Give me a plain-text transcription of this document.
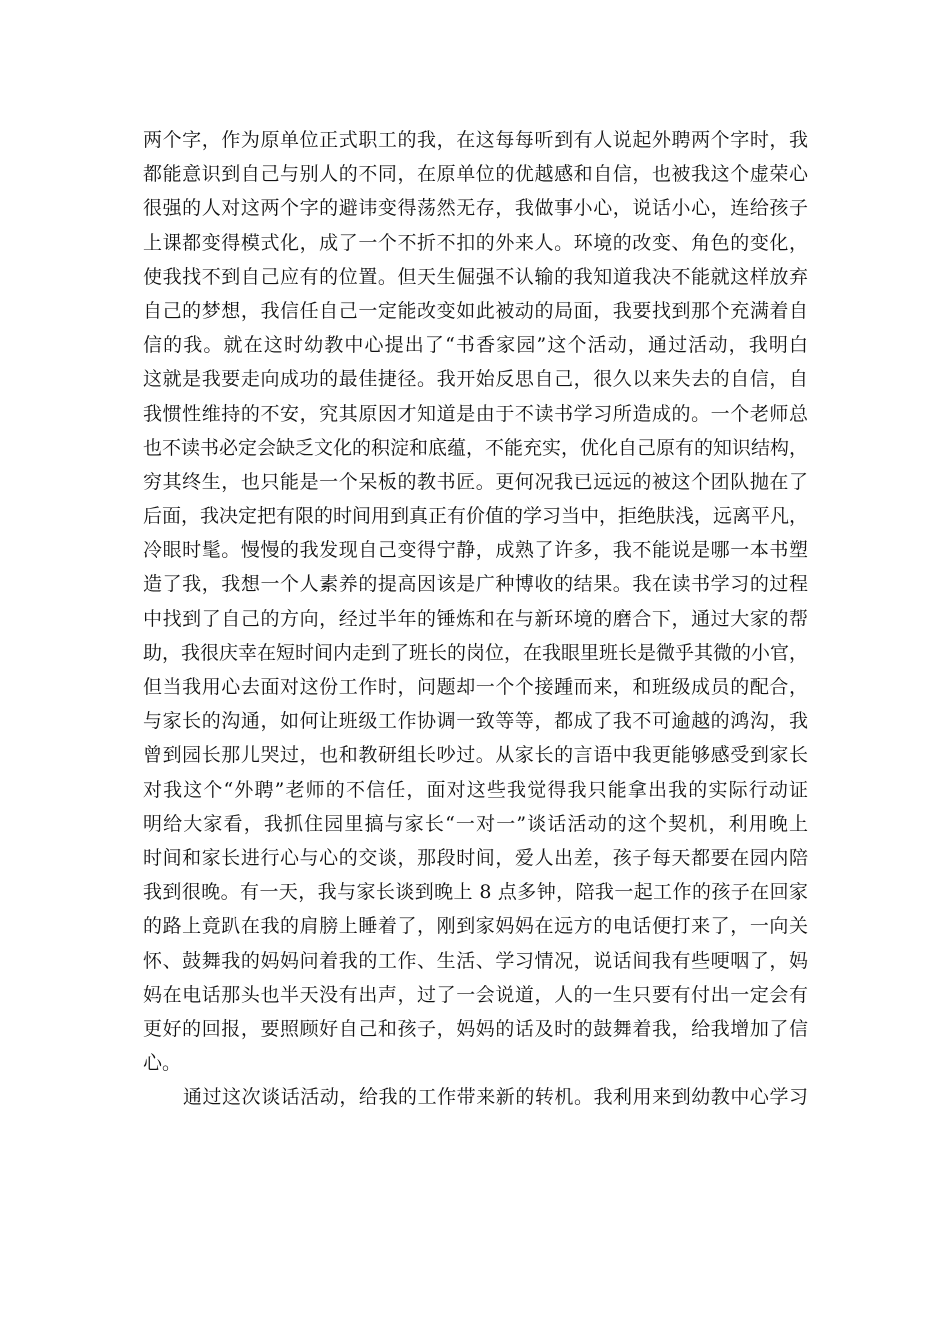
两个字，作为原单位正式职工的我，在这每每听到有人说起外聘两个字时，我
都能意识到自己与别人的不同，在原单位的优越感和自信，也被我这个虚荣心
很强的人对这两个字的避讳变得荡然无存，我做事小心，说话小心，连给孩子
上课都变得模式化，成了一个不折不扣的外来人。环境的改变、角色的变化，
使我找不到自己应有的位置。但天生倔强不认输的我知道我决不能就这样放弃
自己的梦想，我信任自己一定能改变如此被动的局面，我要找到那个充满着自
信的我。就在这时幼教中心提出了“书香家园”这个活动，通过活动，我明白
这就是我要走向成功的最佳捷径。我开始反思自己，很久以来失去的自信，自
我惯性维持的不安，究其原因才知道是由于不读书学习所造成的。一个老师总
也不读书必定会缺乏文化的积淀和底蕴，不能充实，优化自己原有的知识结构，
穷其终生，也只能是一个呆板的教书匠。更何况我已远远的被这个团队抛在了
后面，我决定把有限的时间用到真正有价值的学习当中，拒绝肤浅，远离平凡，
冷眼时髦。慢慢的我发现自己变得宁静，成熟了许多，我不能说是哪一本书塑
造了我，我想一个人素养的提高因该是广种博收的结果。我在读书学习的过程
中找到了自己的方向，经过半年的锤炼和在与新环境的磨合下，通过大家的帮
助，我很庆幸在短时间内走到了班长的岗位，在我眼里班长是微乎其微的小官，
但当我用心去面对这份工作时，问题却一个个接踵而来，和班级成员的配合，
与家长的沟通，如何让班级工作协调一致等等，都成了我不可逾越的鸿沟，我
曾到园长那儿哭过，也和教研组长吵过。从家长的言语中我更能够感受到家长
对我这个“外聘”老师的不信任，面对这些我觉得我只能拿出我的实际行动证
明给大家看，我抓住园里搞与家长“一对一”谈话活动的这个契机，利用晚上
时间和家长进行心与心的交谈，那段时间，爱人出差，孩子每天都要在园内陪
我到很晚。有一天，我与家长谈到晚上 8 点多钟，陪我一起工作的孩子在回家
的路上竟趴在我的肩膀上睡着了，刚到家妈妈在远方的电话便打来了，一向关
怀、鼓舞我的妈妈问着我的工作、生活、学习情况，说话间我有些哽咽了，妈
妈在电话那头也半天没有出声，过了一会说道，人的一生只要有付出一定会有
更好的回报，要照顾好自己和孩子，妈妈的话及时的鼓舞着我，给我增加了信
心。
通过这次谈话活动，给我的工作带来新的转机。我利用来到幼教中心学习
